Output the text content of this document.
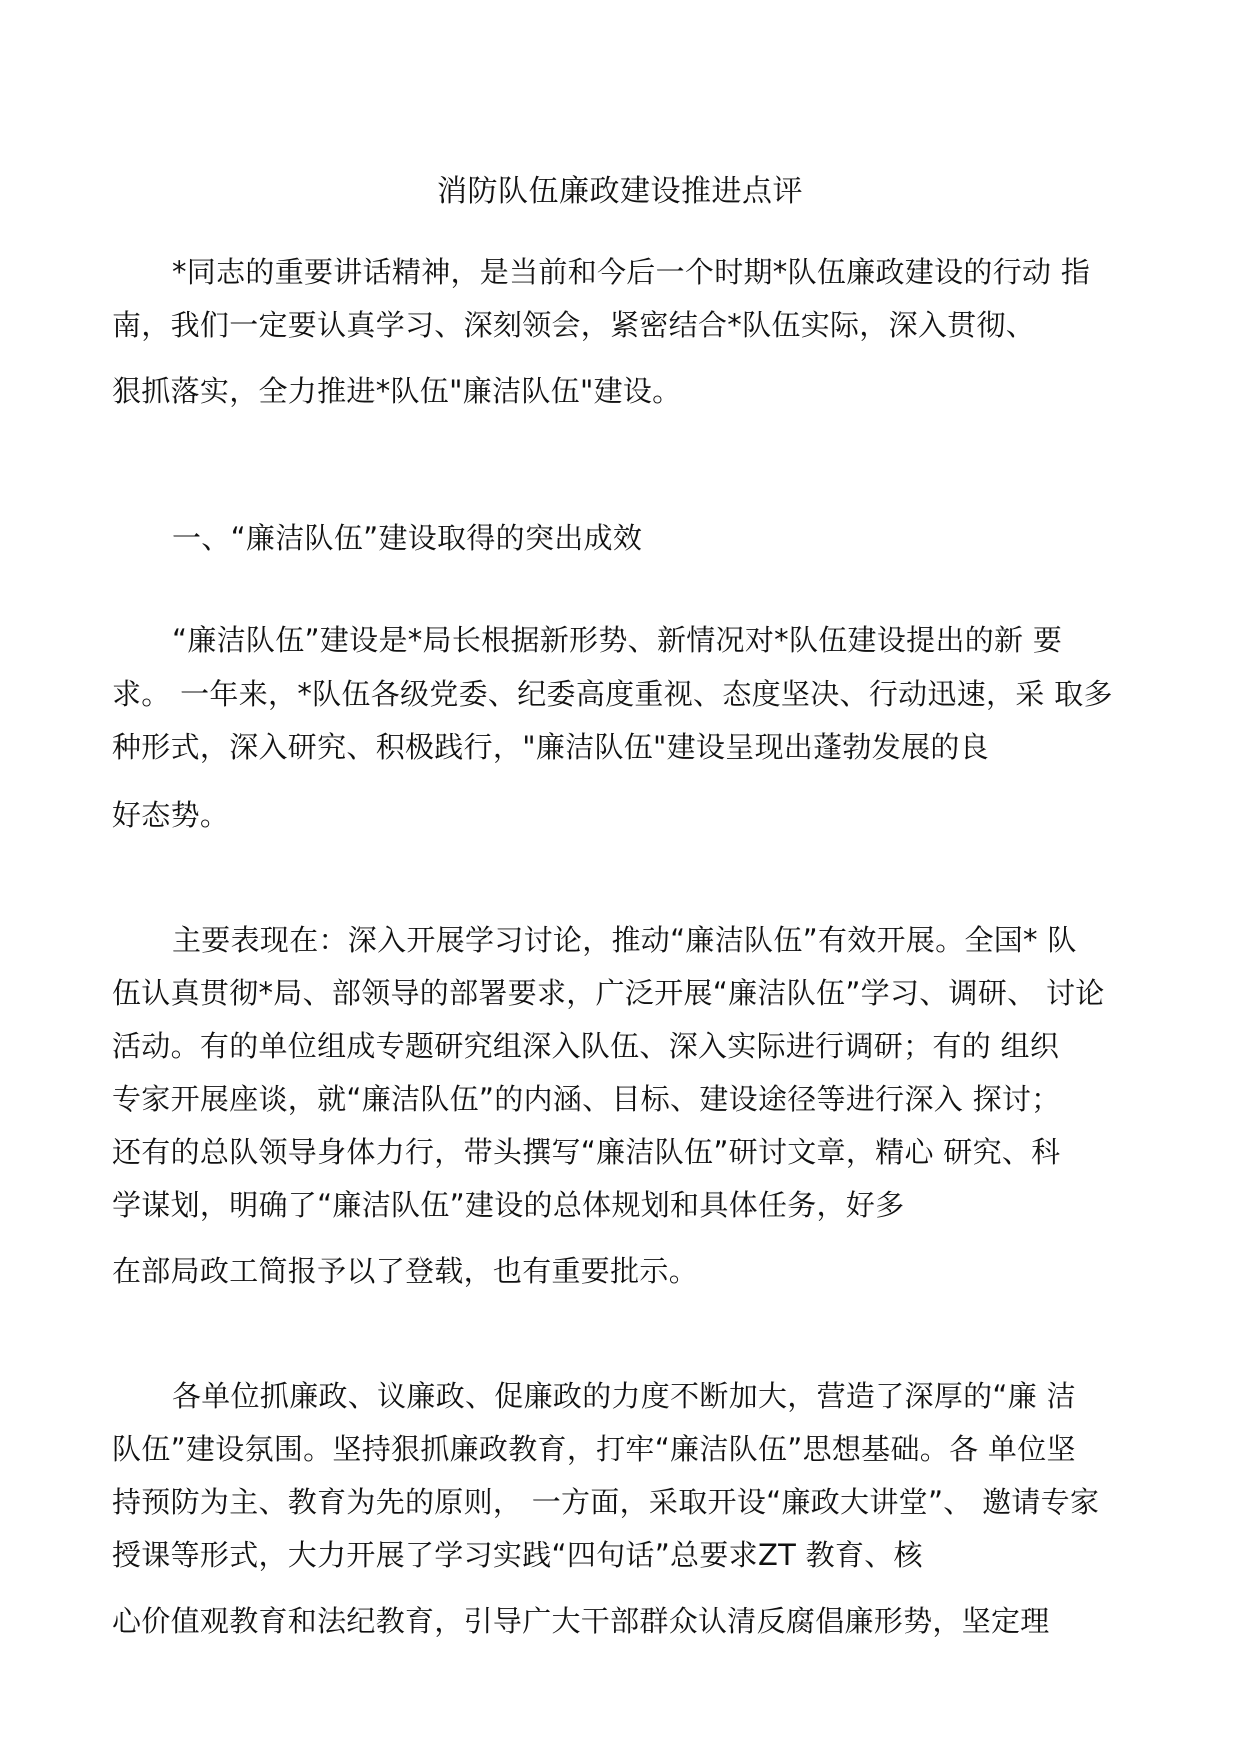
消防队伍廉政建设推进点评
*同志的重要讲话精神，是当前和今后一个时期*队伍廉政建设的行动 指
南，我们一定要认真学习、深刻领会，紧密结合*队伍实际，深入贯彻、
狠抓落实，全力推进*队伍"廉洁队伍"建设。
一、“廉洁队伍”建设取得的突出成效
“廉洁队伍”建设是*局长根据新形势、新情况对*队伍建设提出的新 要
求。 一年来，*队伍各级党委、纪委高度重视、态度坚决、行动迅速，采 取多
种形式，深入研究、积极践行，"廉洁队伍"建设呈现出蓬勃发展的良
好态势。
主要表现在：深入开展学习讨论，推动“廉洁队伍”有效开展。全国* 队
伍认真贯彻*局、部领导的部署要求，广泛开展“廉洁队伍”学习、调研、 讨论
活动。有的单位组成专题研究组深入队伍、深入实际进行调研；有的 组织
专家开展座谈，就“廉洁队伍”的内涵、目标、建设途径等进行深入 探讨；
还有的总队领导身体力行，带头撰写“廉洁队伍”研讨文章，精心 研究、科
学谋划，明确了“廉洁队伍”建设的总体规划和具体任务，好多
在部局政工简报予以了登载，也有重要批示。
各单位抓廉政、议廉政、促廉政的力度不断加大，营造了深厚的“廉 洁
队伍”建设氛围。坚持狠抓廉政教育，打牢“廉洁队伍”思想基础。各 单位坚
持预防为主、教育为先的原则， 一方面，采取开设“廉政大讲堂”、 邀请专家
授课等形式，大力开展了学习实践“四句话”总要求ZT 教育、核
心价值观教育和法纪教育，引导广大干部群众认清反腐倡廉形势，坚定理
